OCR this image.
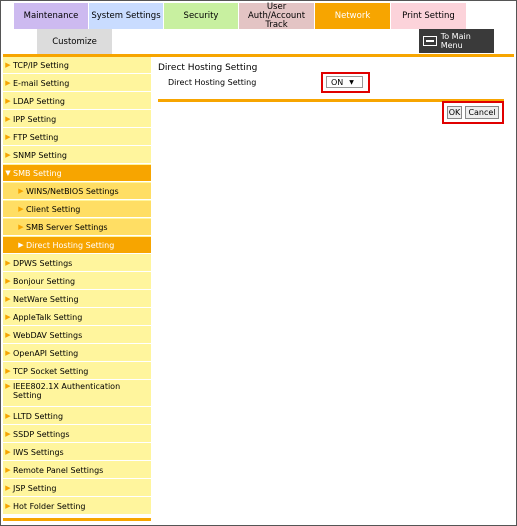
Maintenance	System Settings	Security
User Auth/Account Track
Network	Print Setting
Customize	To Main Menu
▶ TCP/IP Setting
▶ E-mail Setting
▶ LDAP Setting
▶ IPP Setting
▶ FTP Setting
▶ SNMP Setting
▼ SMB Setting
▶ WINS/NetBIOS Settings
▶ Client Setting
▶ SMB Server Settings
▶ Direct Hosting Setting
▶ DPWS Settings
▶ Bonjour Setting
▶ NetWare Setting
▶ AppleTalk Setting
▶ WebDAV Settings
▶ OpenAPI Setting
▶ TCP Socket Setting
▶ IEEE802.1X Authentication Setting
▶ LLTD Setting
▶ SSDP Settings
▶ IWS Settings
▶ Remote Panel Settings
▶ JSP Setting
▶ Hot Folder Setting
Direct Hosting Setting
Direct Hosting Setting	ON ▼
OK	Cancel
